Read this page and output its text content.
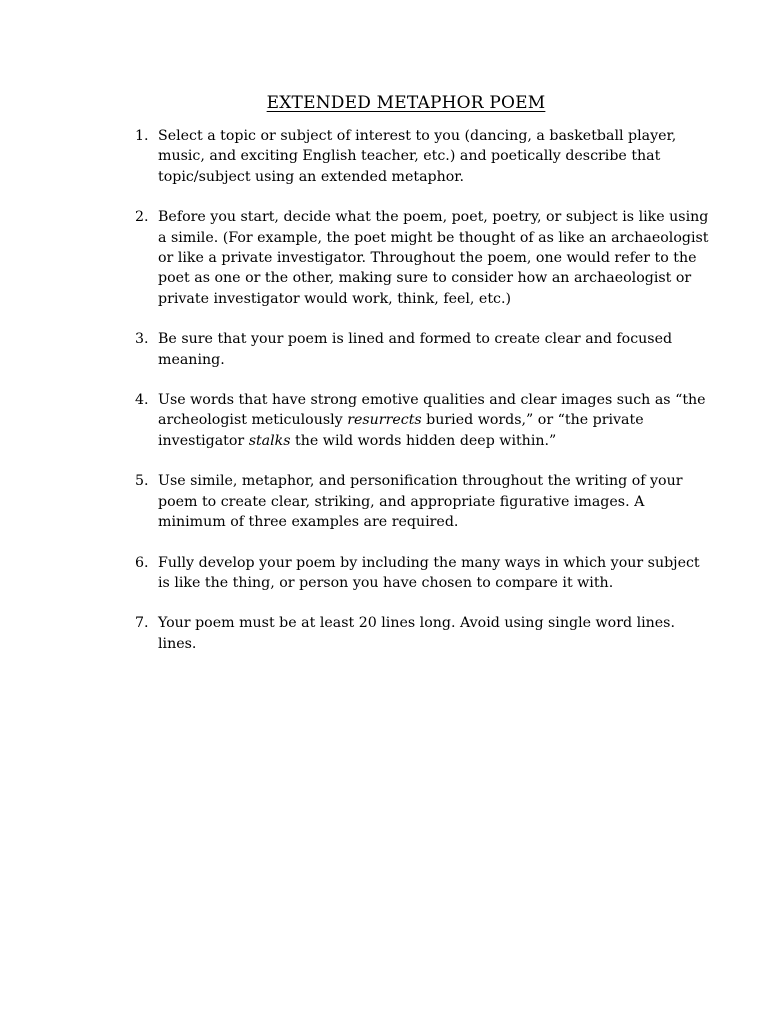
EXTENDED METAPHOR POEM
1. Select a topic or subject of interest to you (dancing, a basketball player, music, and exciting English teacher, etc.) and poetically describe that topic/subject using an extended metaphor.
2. Before you start, decide what the poem, poet, poetry, or subject is like using a simile. (For example, the poet might be thought of as like an archaeologist or like a private investigator. Throughout the poem, one would refer to the poet as one or the other, making sure to consider how an archaeologist or private investigator would work, think, feel, etc.)
3. Be sure that your poem is lined and formed to create clear and focused meaning.
4. Use words that have strong emotive qualities and clear images such as “the archeologist meticulously resurrects buried words,” or “the private investigator stalks the wild words hidden deep within.”
5. Use simile, metaphor, and personification throughout the writing of your poem to create clear, striking, and appropriate figurative images. A minimum of three examples are required.
6. Fully develop your poem by including the many ways in which your subject is like the thing, or person you have chosen to compare it with.
7. Your poem must be at least 20 lines long. Avoid using single word lines. lines.
